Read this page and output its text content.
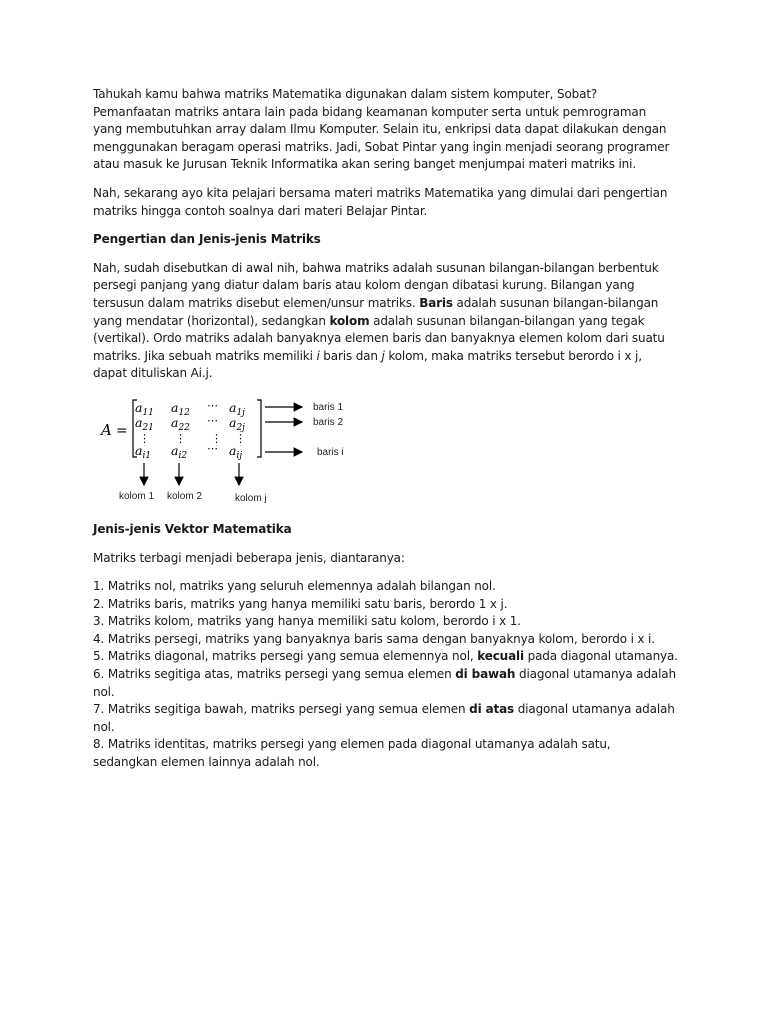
Tahukah kamu bahwa matriks Matematika digunakan dalam sistem komputer, Sobat? Pemanfaatan matriks antara lain pada bidang keamanan komputer serta untuk pemrograman yang membutuhkan array dalam Ilmu Komputer. Selain itu, enkripsi data dapat dilakukan dengan menggunakan beragam operasi matriks. Jadi, Sobat Pintar yang ingin menjadi seorang programer atau masuk ke Jurusan Teknik Informatika akan sering banget menjumpai materi matriks ini.

Nah, sekarang ayo kita pelajari bersama materi matriks Matematika yang dimulai dari pengertian matriks hingga contoh soalnya dari materi Belajar Pintar.

Pengertian dan Jenis-jenis Matriks

Nah, sudah disebutkan di awal nih, bahwa matriks adalah susunan bilangan-bilangan berbentuk persegi panjang yang diatur dalam baris atau kolom dengan dibatasi kurung. Bilangan yang tersusun dalam matriks disebut elemen/unsur matriks. Baris adalah susunan bilangan-bilangan yang mendatar (horizontal), sedangkan kolom adalah susunan bilangan-bilangan yang tegak (vertikal). Ordo matriks adalah banyaknya elemen baris dan banyaknya elemen kolom dari suatu matriks. Jika sebuah matriks memiliki i baris dan j kolom, maka matriks tersebut berordo i x j, dapat dituliskan Ai.j.

A =
$a_{11}$ $a_{12}$
⋯ $a_{1j}$
$a_{21}$ $a_{22}$
⋯ $a_{2j}$
⋮ ⋮ ⋮ ⋮
$a_{i1}$ $a_{i2}$
⋯ $a_{ij}$
baris 1
baris 2
baris i
kolom 1 kolom 2	kolom j

Jenis-jenis Vektor Matematika

Matriks terbagi menjadi beberapa jenis, diantaranya:

1. Matriks nol, matriks yang seluruh elemennya adalah bilangan nol.
2. Matriks baris, matriks yang hanya memiliki satu baris, berordo 1 x j.
3. Matriks kolom, matriks yang hanya memiliki satu kolom, berordo i x 1.
4. Matriks persegi, matriks yang banyaknya baris sama dengan banyaknya kolom, berordo i x i.
5. Matriks diagonal, matriks persegi yang semua elemennya nol, kecuali pada diagonal utamanya.
6. Matriks segitiga atas, matriks persegi yang semua elemen di bawah diagonal utamanya adalah nol.
7. Matriks segitiga bawah, matriks persegi yang semua elemen di atas diagonal utamanya adalah nol.
8. Matriks identitas, matriks persegi yang elemen pada diagonal utamanya adalah satu, sedangkan elemen lainnya adalah nol.
